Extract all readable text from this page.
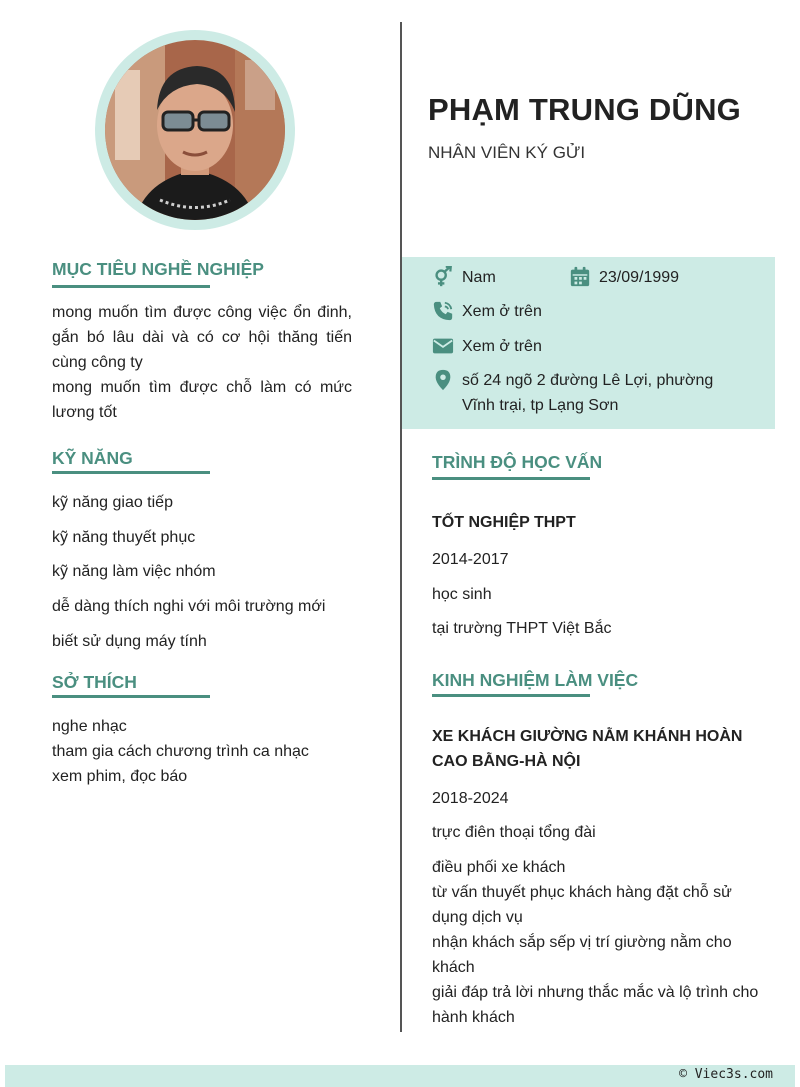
PHẠM TRUNG DŨNG
NHÂN VIÊN KÝ GỬI
Nam	23/09/1999
Xem ở trên
Xem ở trên
số 24 ngõ 2 đường Lê Lợi, phường
Vĩnh trại, tp Lạng Sơn
MỤC TIÊU NGHỀ NGHIỆP
mong muốn tìm được công việc ổn đinh, gắn bó lâu dài và có cơ hội thăng tiến cùng công ty
mong muốn tìm được chỗ làm có mức lương tốt
KỸ NĂNG
kỹ năng giao tiếp
kỹ năng thuyết phục
kỹ năng làm việc nhóm
dễ dàng thích nghi với môi trường mới
biết sử dụng máy tính
SỞ THÍCH
nghe nhạc
tham gia cách chương trình ca nhạc
xem phim, đọc báo
TRÌNH ĐỘ HỌC VẤN
TỐT NGHIỆP THPT
2014-2017
học sinh
tại trường THPT Việt Bắc
KINH NGHIỆM LÀM VIỆC
XE KHÁCH GIƯỜNG NẰM KHÁNH HOÀN CAO BẰNG-HÀ NỘI
2018-2024
trực điên thoại tổng đài
điều phối xe khách
từ vấn thuyết phục khách hàng đặt chỗ sử dụng dịch vụ
nhận khách sắp sếp vị trí giường nằm cho khách
giải đáp trả lời nhưng thắc mắc và lộ trình cho hành khách
© Viec3s.com
